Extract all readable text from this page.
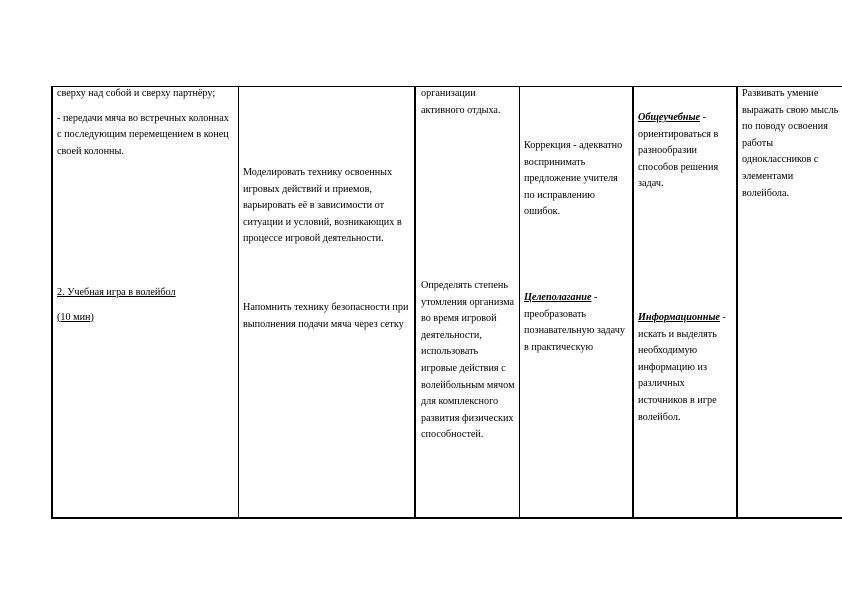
сверху над собой и сверху партнёру;

- передачи мяча во встречных колоннах с последующим перемещением в конец своей колонны.

2. Учебная игра в волейбол

(10 мин)

Моделировать технику освоенных игровых действий и приемов, варьировать её в зависимости от ситуации и условий, возникающих в процессе игровой деятельности.

Напомнить технику безопасности при выполнения подачи мяча через сетку

организации активного отдыха.

Определять степень утомления организма во время игровой деятельности, использовать игровые действия с волейбольным мячом для комплексного развития физических способностей.

Коррекция - адекватно воспринимать предложение учителя по исправлению ошибок.

Целеполагание - преобразовать познавательную задачу в практическую

Общеучебные - ориентироваться в разнообразии способов решения задач.

Информационные - искать и выделять необходимую информацию из различных источников в игре волейбол.

Развивать умение выражать свою мысль по поводу освоения работы одноклассников с элементами волейбола.
